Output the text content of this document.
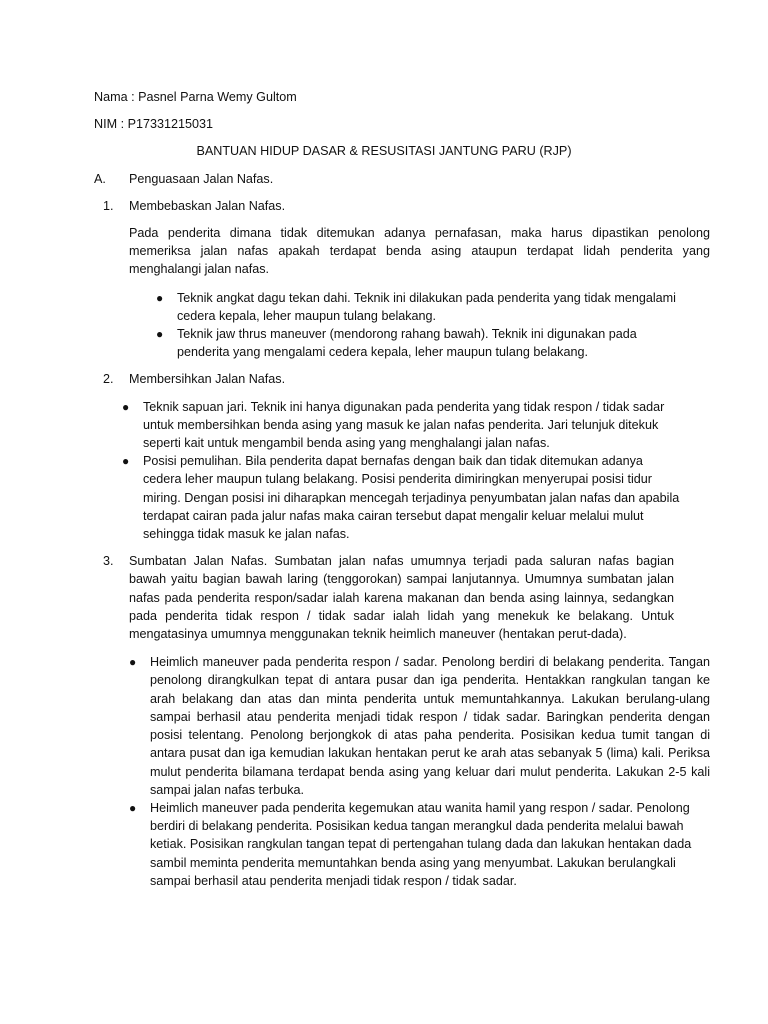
Nama : Pasnel Parna Wemy Gultom

NIM : P17331215031

BANTUAN HIDUP DASAR & RESUSITASI JANTUNG PARU (RJP)

A.	Penguasaan Jalan Nafas.
1.	Membebaskan Jalan Nafas.

Pada penderita dimana tidak ditemukan adanya pernafasan, maka harus dipastikan penolong memeriksa jalan nafas apakah terdapat benda asing ataupun terdapat lidah penderita yang menghalangi jalan nafas.

● Teknik angkat dagu tekan dahi. Teknik ini dilakukan pada penderita yang tidak mengalami cedera kepala, leher maupun tulang belakang.
● Teknik jaw thrus maneuver (mendorong rahang bawah). Teknik ini digunakan pada penderita yang mengalami cedera kepala, leher maupun tulang belakang.
2.	Membersihkan Jalan Nafas.
● Teknik sapuan jari. Teknik ini hanya digunakan pada penderita yang tidak respon / tidak sadar untuk membersihkan benda asing yang masuk ke jalan nafas penderita. Jari telunjuk ditekuk seperti kait untuk mengambil benda asing yang menghalangi jalan nafas.
● Posisi pemulihan. Bila penderita dapat bernafas dengan baik dan tidak ditemukan adanya cedera leher maupun tulang belakang. Posisi penderita dimiringkan menyerupai posisi tidur miring. Dengan posisi ini diharapkan mencegah terjadinya penyumbatan jalan nafas dan apabila terdapat cairan pada jalur nafas maka cairan tersebut dapat mengalir keluar melalui mulut sehingga tidak masuk ke jalan nafas.
3.	Sumbatan Jalan Nafas. Sumbatan jalan nafas umumnya terjadi pada saluran nafas bagian bawah yaitu bagian bawah laring (tenggorokan) sampai lanjutannya. Umumnya sumbatan jalan nafas pada penderita respon/sadar ialah karena makanan dan benda asing lainnya, sedangkan pada penderita tidak respon / tidak sadar ialah lidah yang menekuk ke belakang. Untuk mengatasinya umumnya menggunakan teknik heimlich maneuver (hentakan perut-dada).

● Heimlich maneuver pada penderita respon / sadar. Penolong berdiri di belakang penderita. Tangan penolong dirangkulkan tepat di antara pusar dan iga penderita. Hentakkan rangkulan tangan ke arah belakang dan atas dan minta penderita untuk memuntahkannya. Lakukan berulang-ulang sampai berhasil atau penderita menjadi tidak respon / tidak sadar. Baringkan penderita dengan posisi telentang. Penolong berjongkok di atas paha penderita. Posisikan kedua tumit tangan di antara pusat dan iga kemudian lakukan hentakan perut ke arah atas sebanyak 5 (lima) kali. Periksa mulut penderita bilamana terdapat benda asing yang keluar dari mulut penderita. Lakukan 2-5 kali sampai jalan nafas terbuka.
● Heimlich maneuver pada penderita kegemukan atau wanita hamil yang respon / sadar. Penolong berdiri di belakang penderita. Posisikan kedua tangan merangkul dada penderita melalui bawah ketiak. Posisikan rangkulan tangan tepat di pertengahan tulang dada dan lakukan hentakan dada sambil meminta penderita memuntahkan benda asing yang menyumbat. Lakukan berulangkali sampai berhasil atau penderita menjadi tidak respon / tidak sadar.
